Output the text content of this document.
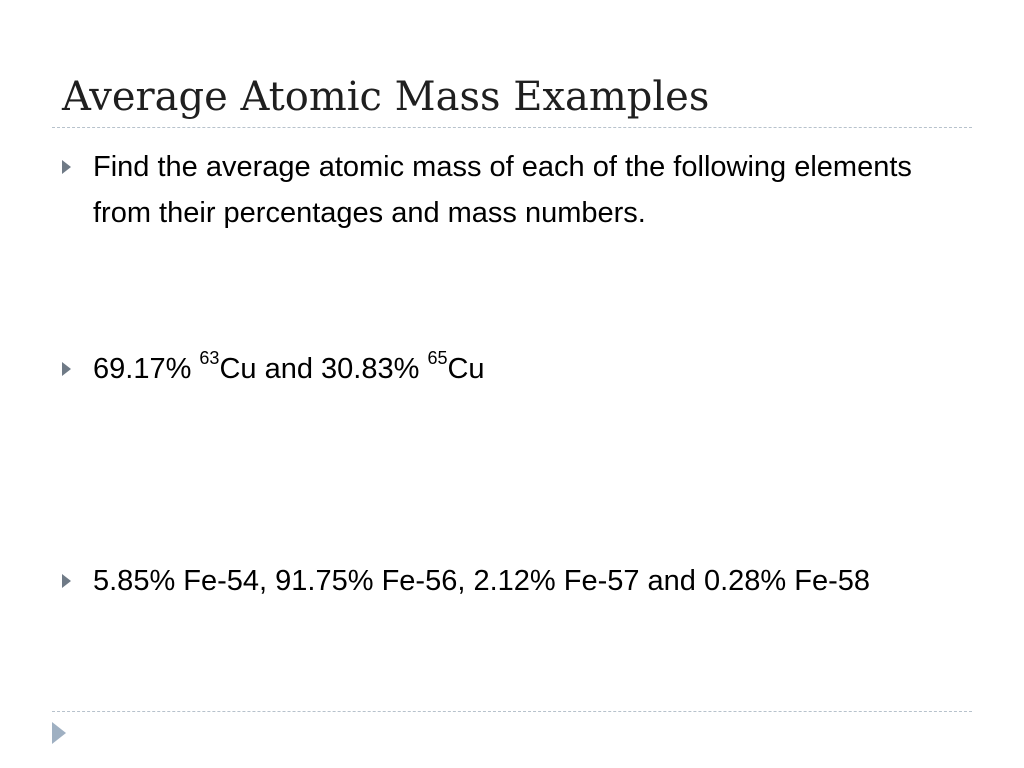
Average Atomic Mass Examples
Find the average atomic mass of each of the following elements from their percentages and mass numbers.
69.17% $^{63}$Cu and 30.83% $^{65}$Cu
5.85% Fe-54, 91.75% Fe-56, 2.12% Fe-57 and 0.28% Fe-58
